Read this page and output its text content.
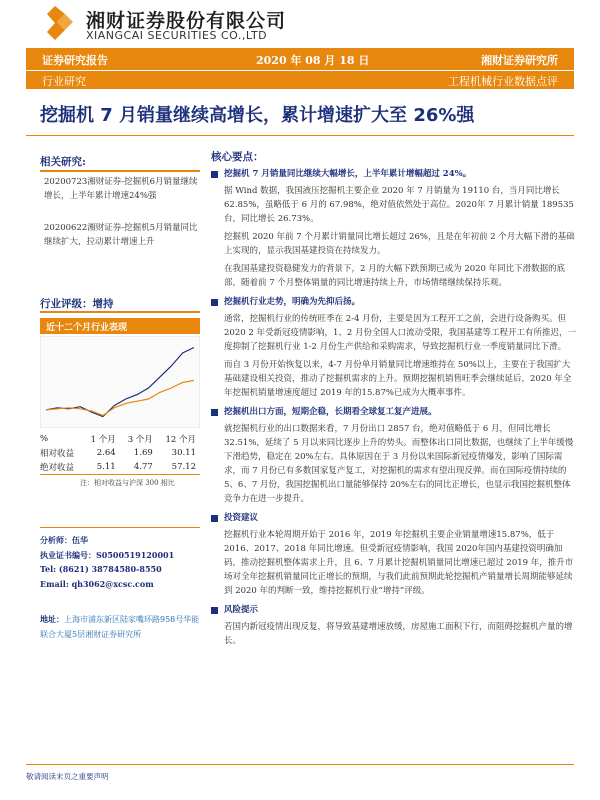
湘财证券股份有限公司
XIANGCAI SECURITIES CO.,LTD
证券研究报告	2020 年 08 月 18 日	湘财证券研究所
行业研究	工程机械行业数据点评
挖掘机 7 月销量继续高增长，累计增速扩大至 26%强
相关研究:
20200723湘财证券-挖掘机6月销量继续增长，上半年累计增速24%强
20200622湘财证券-挖掘机5月销量同比继续扩大，拉动累计增速上升
行业评级：增持
近十二个月行业表现
%	1 个月	3 个月	12 个月
相对收益	2.64	1.69	30.11
绝对收益	5.11	4.77	57.12
注：相对收益与沪深 300 相比
分析师：伍华
执业证书编号：S0500519120001
Tel: (8621) 38784580-8550
Email: qh3062@xcsc.com
地址：上海市浦东新区陆家嘴环路958号华能联合大厦5层湘财证券研究所
核心要点：
挖掘机 7 月销量同比继续大幅增长，上半年累计增幅超过 24%。
据 Wind 数据，我国液压挖掘机主要企业 2020 年 7 月销量为 19110 台，当月同比增长 62.85%，虽略低于 6 月的 67.98%，绝对值依然处于高位。2020年 7 月累计销量 189535 台，同比增长 26.73%。
挖掘机 2020 年前 7 个月累计销量同比增长超过 26%，且是在年初前 2 个月大幅下滑的基础上实现的，显示我国基建投资在持续发力。
在我国基建投资稳健发力的背景下，2 月的大幅下跌预期已成为 2020 年同比下滑数据的底部，随着前 7 个月整体销量的同比增速持续上升，市场情绪继续保持乐观。
挖掘机行业走势，明确为先抑后扬。
通常，挖掘机行业的传统旺季在 2-4 月份，主要是因为工程开工之前，会进行设备购买。但 2020 2 年受新冠疫情影响，1、2 月份全国人口流动受限，我国基建等工程开工有所推迟，一度抑制了挖掘机行业 1-2 月份生产供给和采购需求，导致挖掘机行业一季度销量同比下滑。
而自 3 月份开始恢复以来，4-7 月份单月销量同比增速维持在 50%以上，主要在于我国扩大基础建设相关投资，推动了挖掘机需求的上升。预期挖掘机销售旺季会继续延后，2020 年全年挖掘机销量增速度超过 2019 年的15.87%已成为大概率事件。
挖掘机出口方面，短期企稳，长期看全球复工复产进展。
就挖掘机行业的出口数据来看，7 月份出口 2857 台，绝对值略低于 6 月，但同比增长 32.51%，延续了 5 月以来同比逐步上升的势头。而整体出口同比数据，也继续了上半年缓慢下滑趋势，稳定在 20%左右。具体原因在于 3 月份以来国际新冠疫情爆发，影响了国际需求，而 7 月份已有多数国家复产复工，对挖掘机的需求有望出现反弹。而在国际疫情持续的 5、6、7 月份，我国挖掘机出口量能够保持 20%左右的同比正增长，也显示我国挖掘机整体竞争力在进一步提升。
投资建议
挖掘机行业本轮周期开始于 2016 年，2019 年挖掘机主要企业销量增速15.87%，低于 2016、2017、2018 年同比增速。但受新冠疫情影响，我国 2020年国内基建投资明确加码，推动挖掘机整体需求上升，且 6、7 月累计挖掘机销量同比增速已超过 2019 年，推升市场对全年挖掘机销量同比正增长的预期，与我们此前预期此轮挖掘机产销量增长周期能够延续到 2020 年的判断一致，维持挖掘机行业“增持”评级。
风险提示
若国内新冠疫情出现反复，将导致基建增速放缓，房屋施工面积下行，而阻碍挖掘机产量的增长。
敬请阅读末页之重要声明
